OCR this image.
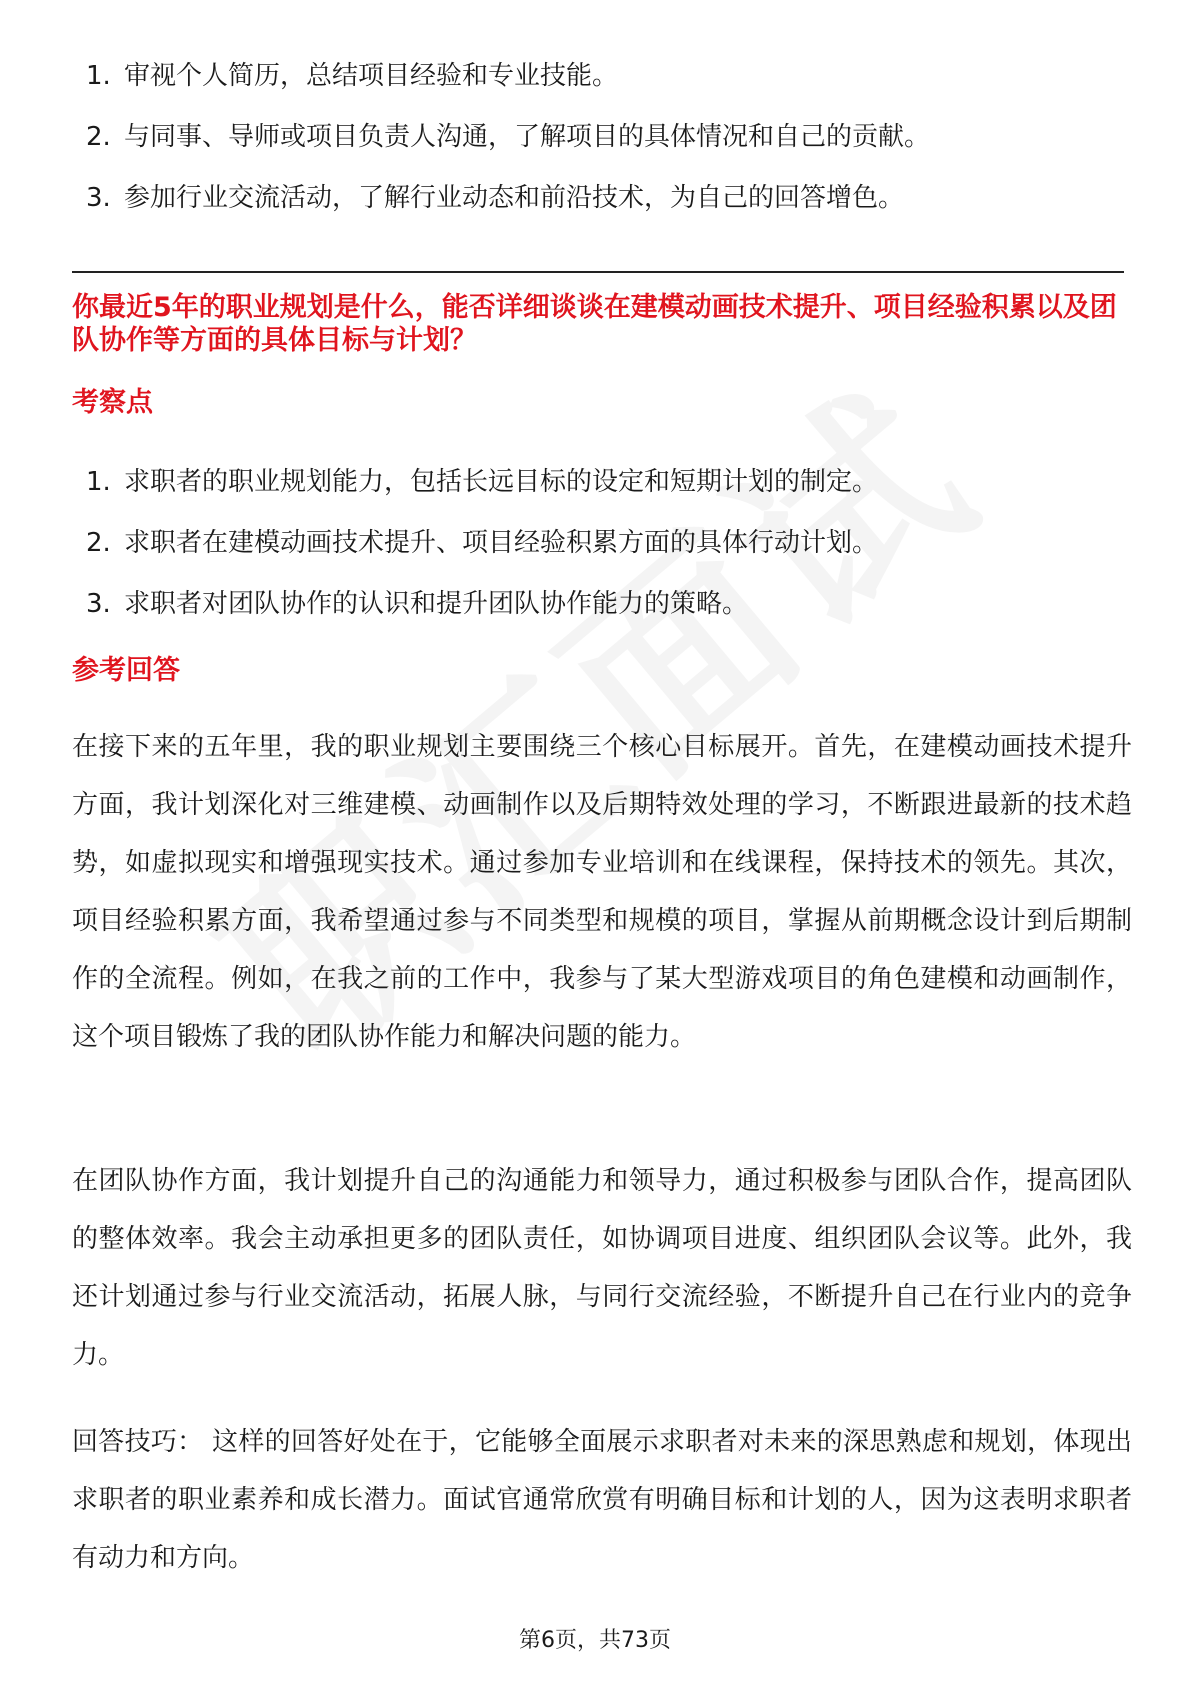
1. 审视个人简历，总结项目经验和专业技能。
2. 与同事、导师或项目负责人沟通，了解项目的具体情况和自己的贡献。
3. 参加行业交流活动，了解行业动态和前沿技术，为自己的回答增色。
你最近5年的职业规划是什么，能否详细谈谈在建模动画技术提升、项目经验积累以及团队协作等方面的具体目标与计划？
考察点
1. 求职者的职业规划能力，包括长远目标的设定和短期计划的制定。
2. 求职者在建模动画技术提升、项目经验积累方面的具体行动计划。
3. 求职者对团队协作的认识和提升团队协作能力的策略。
参考回答

在接下来的五年里，我的职业规划主要围绕三个核心目标展开。首先，在建模动画技术提升方面，我计划深化对三维建模、动画制作以及后期特效处理的学习，不断跟进最新的技术趋势，如虚拟现实和增强现实技术。通过参加专业培训和在线课程，保持技术的领先。其次，项目经验积累方面，我希望通过参与不同类型和规模的项目，掌握从前期概念设计到后期制作的全流程。例如，在我之前的工作中，我参与了某大型游戏项目的角色建模和动画制作，这个项目锻炼了我的团队协作能力和解决问题的能力。

在团队协作方面，我计划提升自己的沟通能力和领导力，通过积极参与团队合作，提高团队的整体效率。我会主动承担更多的团队责任，如协调项目进度、组织团队会议等。此外，我还计划通过参与行业交流活动，拓展人脉，与同行交流经验，不断提升自己在行业内的竞争力。

回答技巧： 这样的回答好处在于，它能够全面展示求职者对未来的深思熟虑和规划，体现出求职者的职业素养和成长潜力。面试官通常欣赏有明确目标和计划的人，因为这表明求职者有动力和方向。

第6页，共73页
